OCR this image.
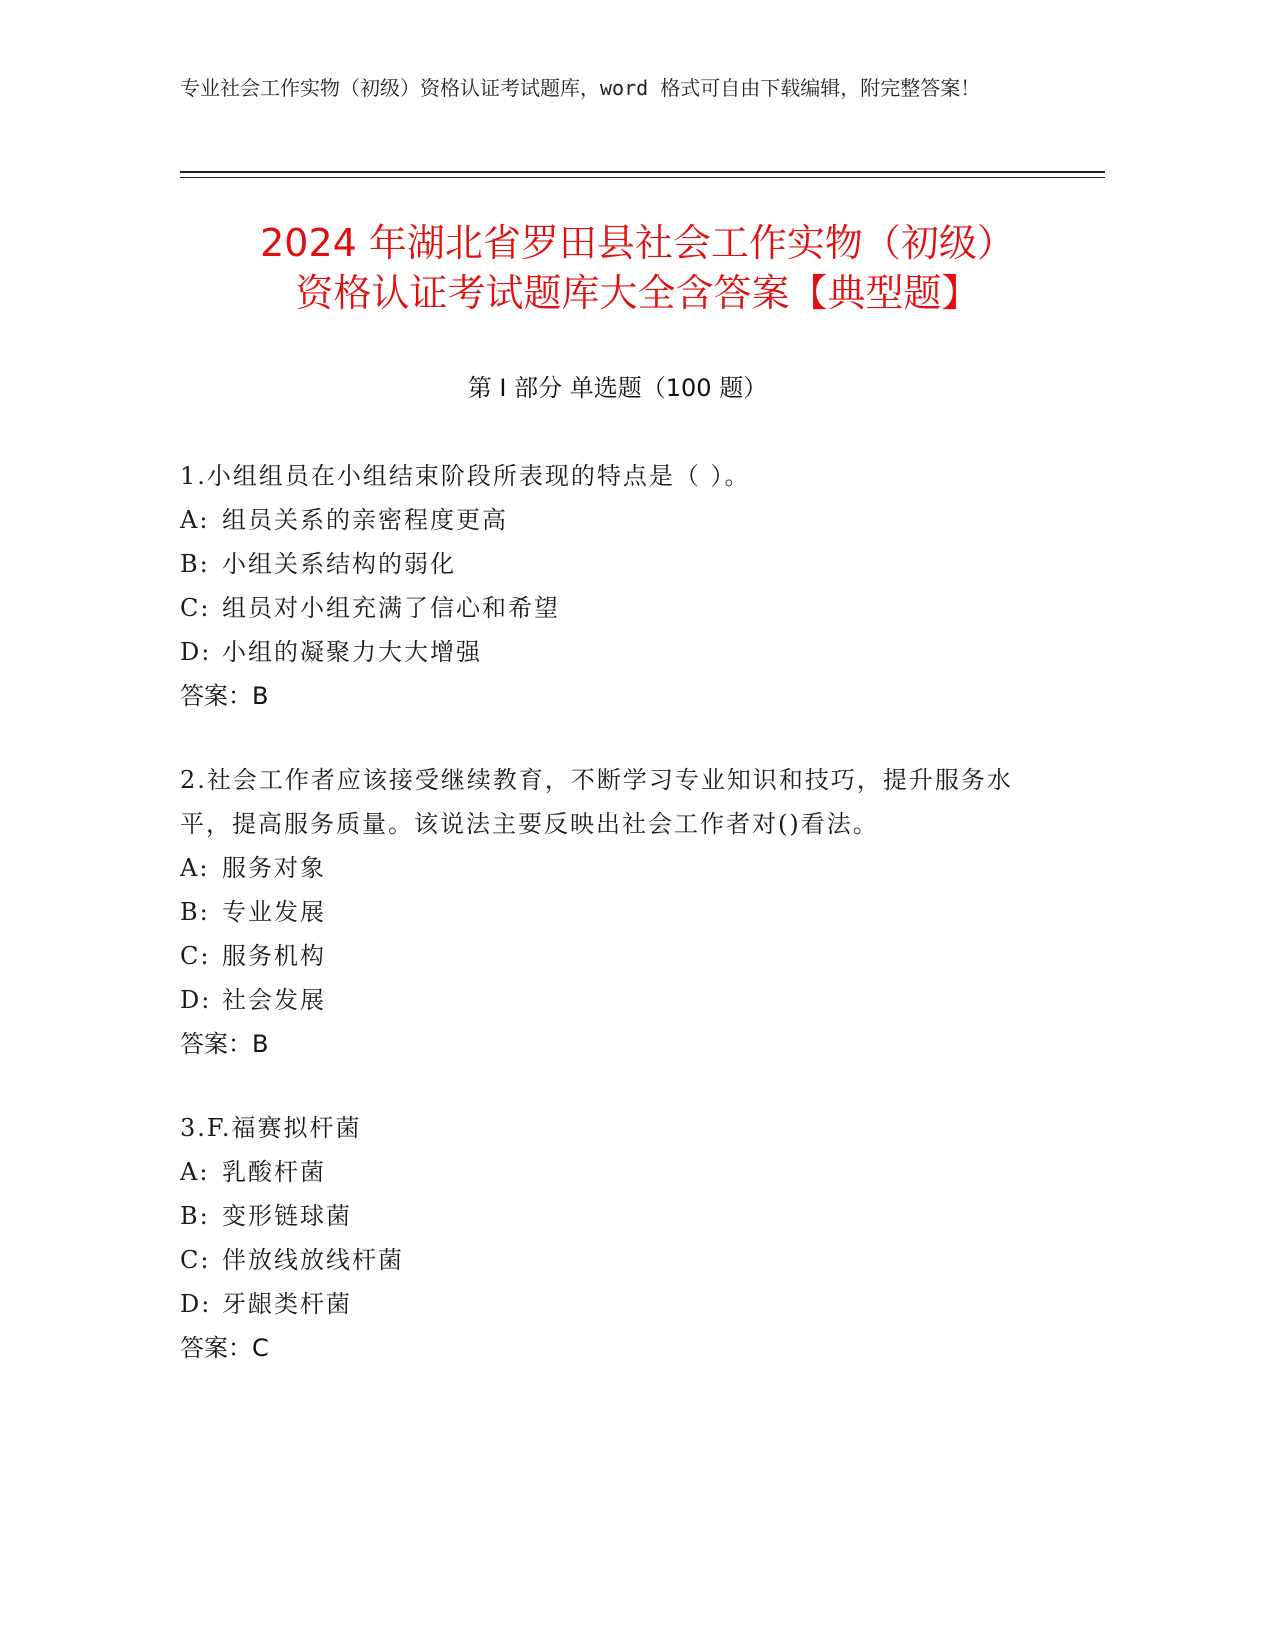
专业社会工作实物（初级）资格认证考试题库，word 格式可自由下载编辑，附完整答案！
2024 年湖北省罗田县社会工作实物（初级）
资格认证考试题库大全含答案【典型题】
第 I 部分 单选题（100 题）

1.小组组员在小组结束阶段所表现的特点是（ ）。

A: 组员关系的亲密程度更高

B: 小组关系结构的弱化

C: 组员对小组充满了信心和希望

D: 小组的凝聚力大大增强

答案：B

2.社会工作者应该接受继续教育，不断学习专业知识和技巧，提升服务水平，提高服务质量。该说法主要反映出社会工作者对()看法。

A: 服务对象

B: 专业发展

C: 服务机构

D: 社会发展

答案：B

3.F.福赛拟杆菌

A: 乳酸杆菌

B: 变形链球菌

C: 伴放线放线杆菌

D: 牙龈类杆菌

答案：C
